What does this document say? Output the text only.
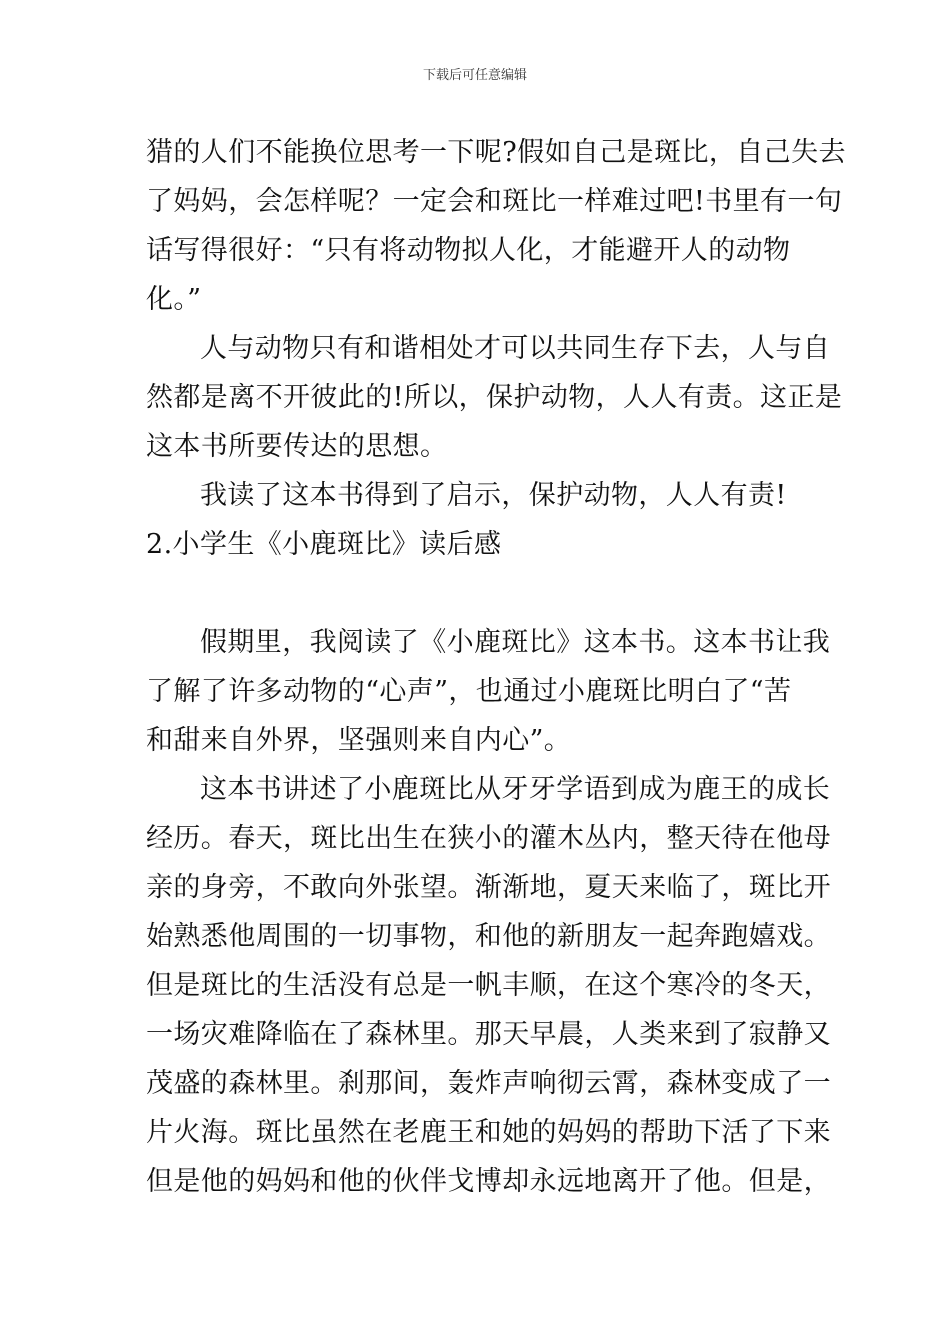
下载后可任意编辑
猎的人们不能换位思考一下呢?假如自己是斑比，自己失去
了妈妈，会怎样呢？一定会和斑比一样难过吧!书里有一句
话写得很好：“只有将动物拟人化，才能避开人的动物
化。”
人与动物只有和谐相处才可以共同生存下去，人与自
然都是离不开彼此的!所以，保护动物，人人有责。这正是
这本书所要传达的思想。
我读了这本书得到了启示，保护动物，人人有责!
2.小学生《小鹿斑比》读后感
假期里，我阅读了《小鹿斑比》这本书。这本书让我
了解了许多动物的“心声”，也通过小鹿斑比明白了“苦
和甜来自外界，坚强则来自内心”。
这本书讲述了小鹿斑比从牙牙学语到成为鹿王的成长
经历。春天，斑比出生在狭小的灌木丛内，整天待在他母
亲的身旁，不敢向外张望。渐渐地，夏天来临了，斑比开
始熟悉他周围的一切事物，和他的新朋友一起奔跑嬉戏。
但是斑比的生活没有总是一帆丰顺，在这个寒冷的冬天，
一场灾难降临在了森林里。那天早晨，人类来到了寂静又
茂盛的森林里。刹那间，轰炸声响彻云霄，森林变成了一
片火海。斑比虽然在老鹿王和她的妈妈的帮助下活了下来
但是他的妈妈和他的伙伴戈博却永远地离开了他。但是，
